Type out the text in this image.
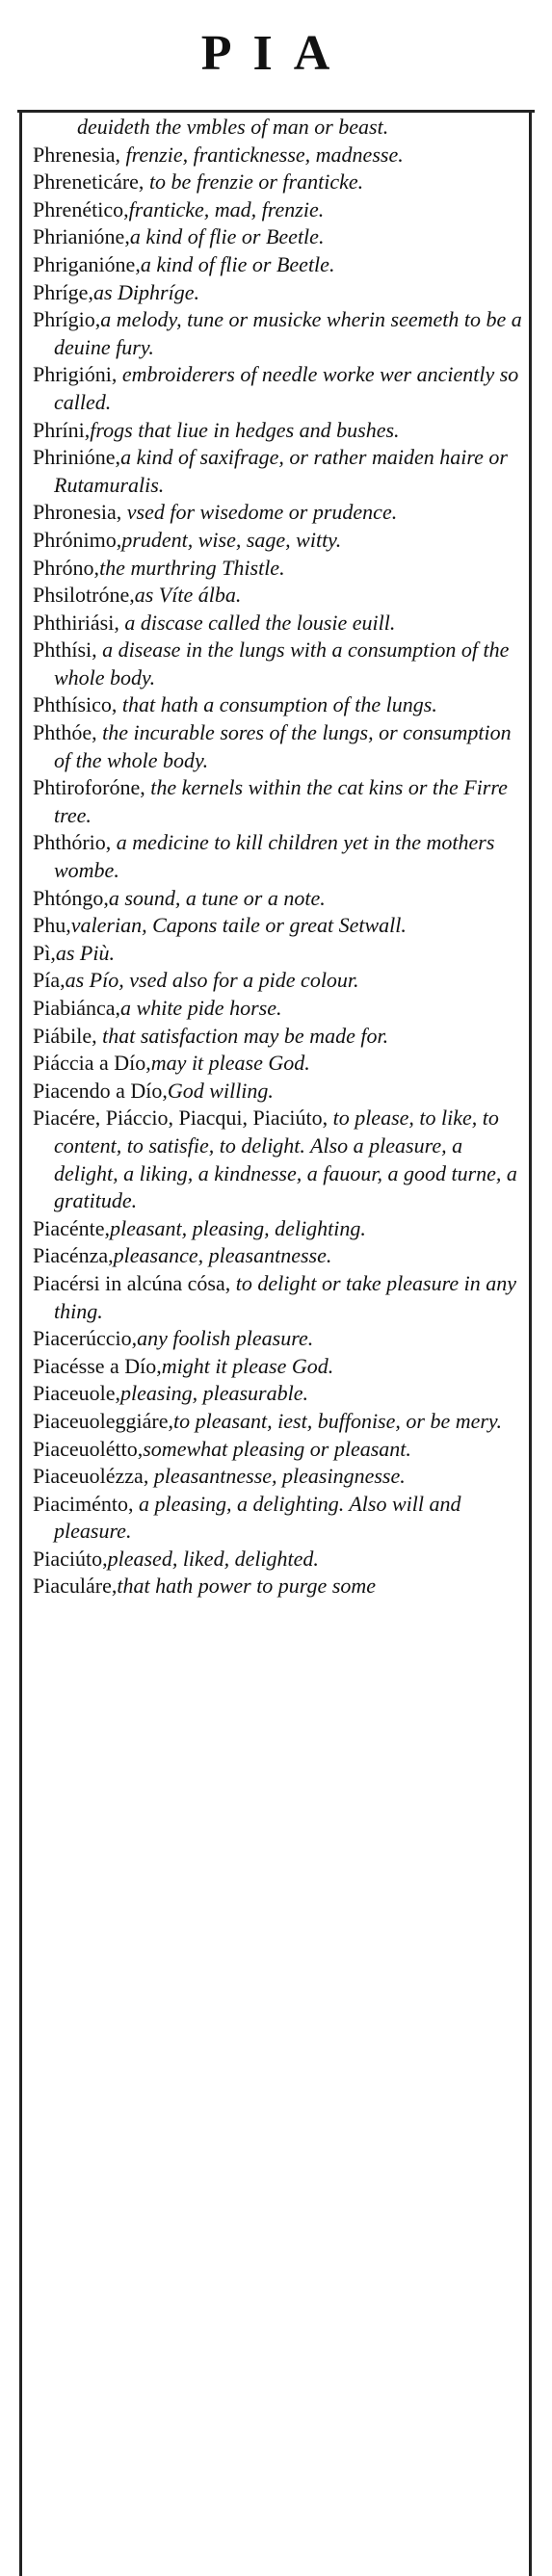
PIA
deuideth the vmbles of man or beast.
Phrenesia, frenzie, franticknesse, madnesse.
Phreneticáre, to be frenzie or franticke.
Phrenético,franticke, mad, frenzie.
Phrianióne,a kind of flie or Beetle.
Phriganióne,a kind of flie or Beetle.
Phríge,as Diphríge.
Phrígio,a melody, tune or musicke wherin seemeth to be a deuine fury.
Phrigióni, embroiderers of needle worke wer anciently so called.
Phríni,frogs that liue in hedges and bushes.
Phrinióne,a kind of saxifrage, or rather maiden haire or Rutamuralis.
Phronesia, vsed for wisedome or prudence.
Phrónimo,prudent, wise, sage, witty.
Phróno,the murthring Thistle.
Phsilotróne,as Víte álba.
Phthiriási, a discase called the lousie euill.
Phthísi, a disease in the lungs with a consumption of the whole body.
Phthísico, that hath a consumption of the lungs.
Phthóe, the incurable sores of the lungs, or consumption of the whole body.
Phtiroforóne, the kernels within the cat kins or the Firre tree.
Phthório, a medicine to kill children yet in the mothers wombe.
Phtóngo,a sound, a tune or a note.
Phu,valerian, Capons taile or great Setwall.
Pì,as Più.
Pía,as Pío, vsed also for a pide colour.
Piabiánca,a white pide horse.
Piábile, that satisfaction may be made for.
Piáccia a Dío,may it please God.
Piacendo a Dío,God willing.
Piacére, Piáccio, Piacqui, Piaciúto, to please, to like, to content, to satisfie, to delight. Also a pleasure, a delight, a liking, a kindnesse, a fauour, a good turne, a gratitude.
Piacénte,pleasant, pleasing, delighting.
Piacénza,pleasance, pleasantnesse.
Piacérsi in alcúna cósa, to delight or take pleasure in any thing.
Piacerúccio,any foolish pleasure.
Piacésse a Dío,might it please God.
Piaceuole,pleasing, pleasurable.
Piaceuoleggiáre,to pleasant, iest, buffonise, or be mery.
Piaceuolétto,somewhat pleasing or pleasant.
Piaceuolézza, pleasantnesse, pleasingnesse.
Piaciménto, a pleasing, a delighting. Also will and pleasure.
Piaciúto,pleased, liked, delighted.
Piaculáre,that hath power to purge some
